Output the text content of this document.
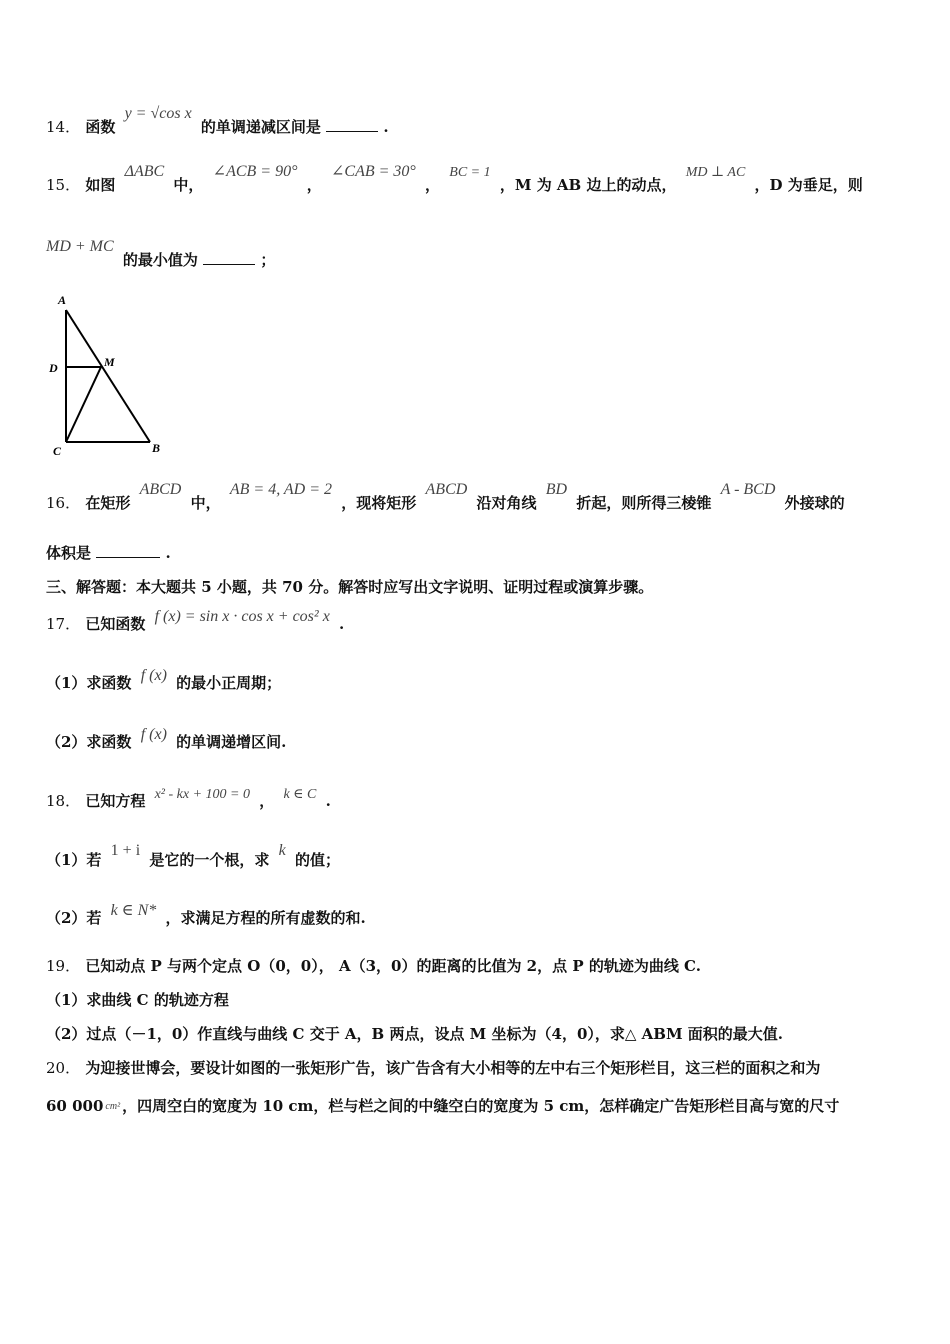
14． 函数 y = √cos x 的单调递减区间是	.
15． 如图 ΔABC 中， ∠ACB = 90° ， ∠CAB = 30° ， BC = 1 ，M 为 AB 边上的动点， MD ⊥ AC ，D 为垂足，则
MD + MC 的最小值为	；
A
D	M
C	B
16． 在矩形 ABCD 中， AB = 4, AD = 2 ，现将矩形 ABCD 沿对角线 BD 折起，则所得三棱锥 A - BCD 外接球的
体积是	.
三、解答题：本大题共 5 小题，共 70 分。解答时应写出文字说明、证明过程或演算步骤。
17． 已知函数 f (x) = sin x · cos x + cos² x .
（1）求函数 f (x) 的最小正周期；
（2）求函数 f (x) 的单调递增区间.
18． 已知方程 x² - kx + 100 = 0 ， k ∈ C .
（1）若 1 + i 是它的一个根，求 k 的值；
（2）若 k ∈ N* ，求满足方程的所有虚数的和.
19． 已知动点 P 与两个定点 O（0，0）， A（3，0）的距离的比值为 2，点 P 的轨迹为曲线 C.
（1）求曲线 C 的轨迹方程
（2）过点（－1，0）作直线与曲线 C 交于 A，B 两点，设点 M 坐标为（4，0），求△ ABM 面积的最大值.
20． 为迎接世博会，要设计如图的一张矩形广告，该广告含有大小相等的左中右三个矩形栏目，这三栏的面积之和为
60 000 cm² ，四周空白的宽度为 10 cm，栏与栏之间的中缝空白的宽度为 5 cm，怎样确定广告矩形栏目高与宽的尺寸
